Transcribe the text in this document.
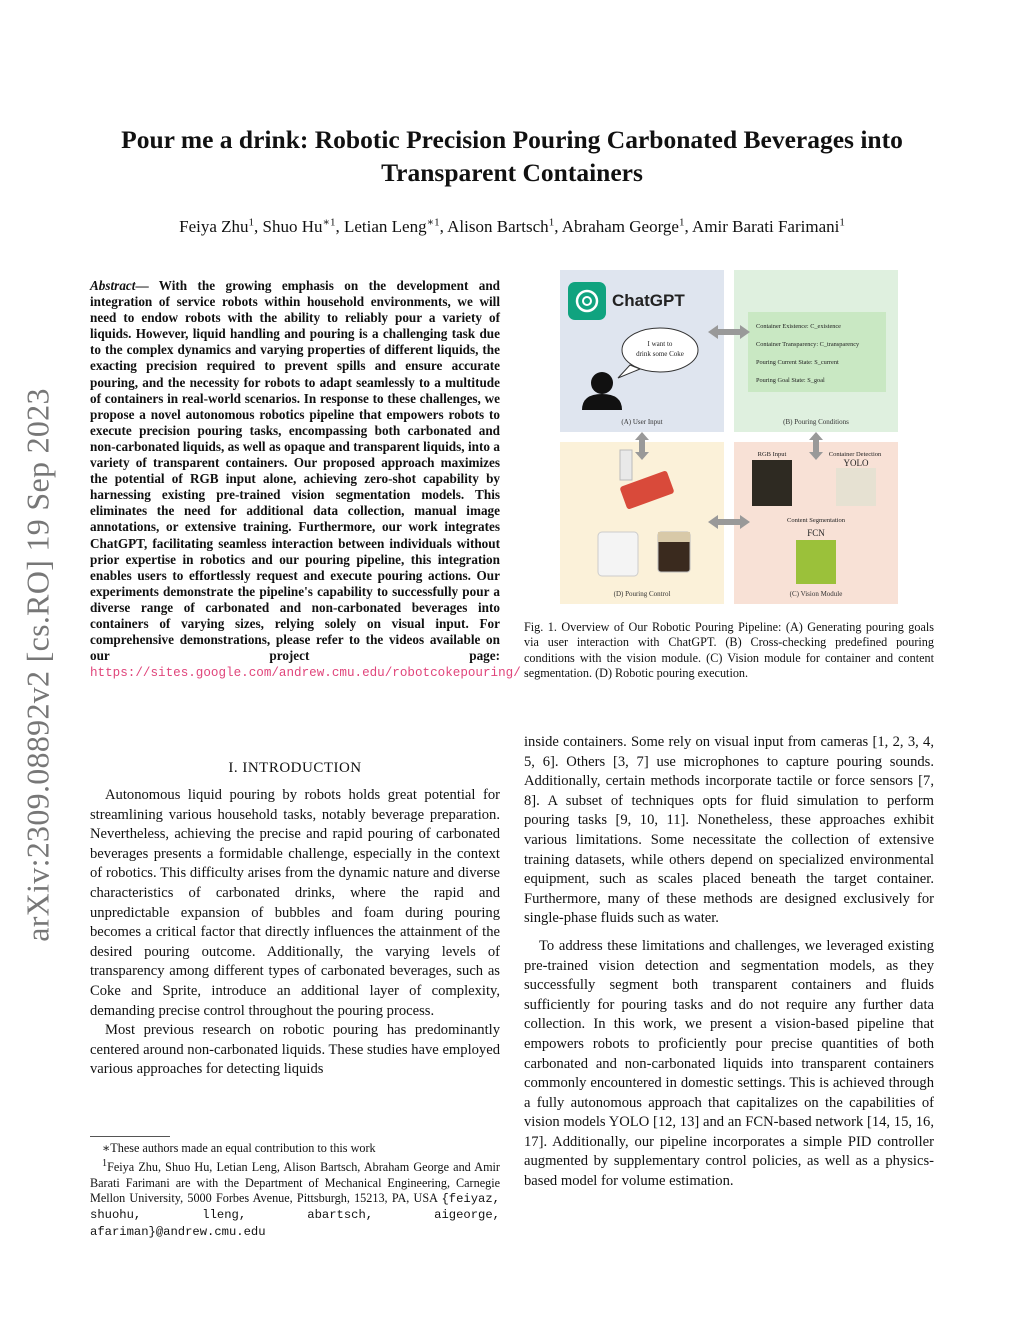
arXiv:2309.08892v2 [cs.RO] 19 Sep 2023
Pour me a drink: Robotic Precision Pouring Carbonated Beverages into
Transparent Containers
Feiya Zhu$^1$, Shuo $Hu^{∗1}$, Letian Leng$^{∗1}$, Alison Bartsch$^1$, Abraham George$^1$, Amir Barati Farimani$^1$
Abstract— With the growing emphasis on the development and integration of service robots within household environments, we will need to endow robots with the ability to reliably pour a variety of liquids. However, liquid handling and pouring is a challenging task due to the complex dynamics and varying properties of different liquids, the exacting precision required to prevent spills and ensure accurate pouring, and the necessity for robots to adapt seamlessly to a multitude of containers in real-world scenarios. In response to these challenges, we propose a novel autonomous robotics pipeline that empowers robots to execute precision pouring tasks, encompassing both carbonated and non-carbonated liquids, as well as opaque and transparent liquids, into a variety of transparent containers. Our proposed approach maximizes the potential of RGB input alone, achieving zero-shot capability by harnessing existing pre-trained vision segmentation models. This eliminates the need for additional data collection, manual image annotations, or extensive training. Furthermore, our work integrates ChatGPT, facilitating seamless interaction between individuals without prior expertise in robotics and our pouring pipeline, this integration enables users to effortlessly request and execute pouring actions. Our experiments demonstrate the pipeline's capability to successfully pour a diverse range of carbonated and non-carbonated beverages into containers of varying sizes, relying solely on visual input. For comprehensive demonstrations, please refer to the videos available on our project page: https://sites.google.com/andrew.cmu.edu/robotcokepouring/
I. INTRODUCTION

Autonomous liquid pouring by robots holds great potential for streamlining various household tasks, notably beverage preparation. Nevertheless, achieving the precise and rapid pouring of carbonated beverages presents a formidable challenge, especially in the context of robotics. This difficulty arises from the dynamic nature and diverse characteristics of carbonated drinks, where the rapid and unpredictable expansion of bubbles and foam during pouring becomes a critical factor that directly influences the attainment of the desired pouring outcome. Additionally, the varying levels of transparency among different types of carbonated beverages, such as Coke and Sprite, introduce an additional layer of complexity, demanding precise control throughout the pouring process.

Most previous research on robotic pouring has predominantly centered around non-carbonated liquids. These studies have employed various approaches for detecting liquids

∗These authors made an equal contribution to this work

$^1$Feiya Zhu, Shuo Hu, Letian Leng, Alison Bartsch, Abraham George and Amir Barati Farimani are with the Department of Mechanical Engineering, Carnegie Mellon University, 5000 Forbes Avenue, Pittsburgh, 15213, PA, USA {feiyaz, shuohu, lleng, abartsch, aigeorge, afariman}@andrew.cmu.edu

ChatGPT
I want to
drink some Coke
(A) User Input
Container Existence: C_existence
Container Transparency: C_transparency
Pouring Current State: S_current
Pouring Goal State: S_goal
(B) Pouring Conditions
(D) Pouring Control
RGB Input	Container Detection
YOLO
Content Segmentation
FCN
(C) Vision Module
Fig. 1. Overview of Our Robotic Pouring Pipeline: (A) Generating pouring goals via user interaction with ChatGPT. (B) Cross-checking predefined pouring conditions with the vision module. (C) Vision module for container and content segmentation. (D) Robotic pouring execution.

inside containers. Some rely on visual input from cameras [1, 2, 3, 4, 5, 6]. Others [3, 7] use microphones to capture pouring sounds. Additionally, certain methods incorporate tactile or force sensors [7, 8]. A subset of techniques opts for fluid simulation to perform pouring tasks [9, 10, 11]. Nonetheless, these approaches exhibit various limitations. Some necessitate the collection of extensive training datasets, while others depend on specialized environmental equipment, such as scales placed beneath the target container. Furthermore, many of these methods are designed exclusively for single-phase fluids such as water.

To address these limitations and challenges, we leveraged existing pre-trained vision detection and segmentation models, as they successfully segment both transparent containers and fluids sufficiently for pouring tasks and do not require any further data collection. In this work, we present a vision-based pipeline that empowers robots to proficiently pour precise quantities of both carbonated and non-carbonated liquids into transparent containers commonly encountered in domestic settings. This is achieved through a fully autonomous approach that capitalizes on the capabilities of vision models YOLO [12, 13] and an FCN-based network [14, 15, 16, 17]. Additionally, our pipeline incorporates a simple PID controller augmented by supplementary control policies, as well as a physics-based model for volume estimation.
